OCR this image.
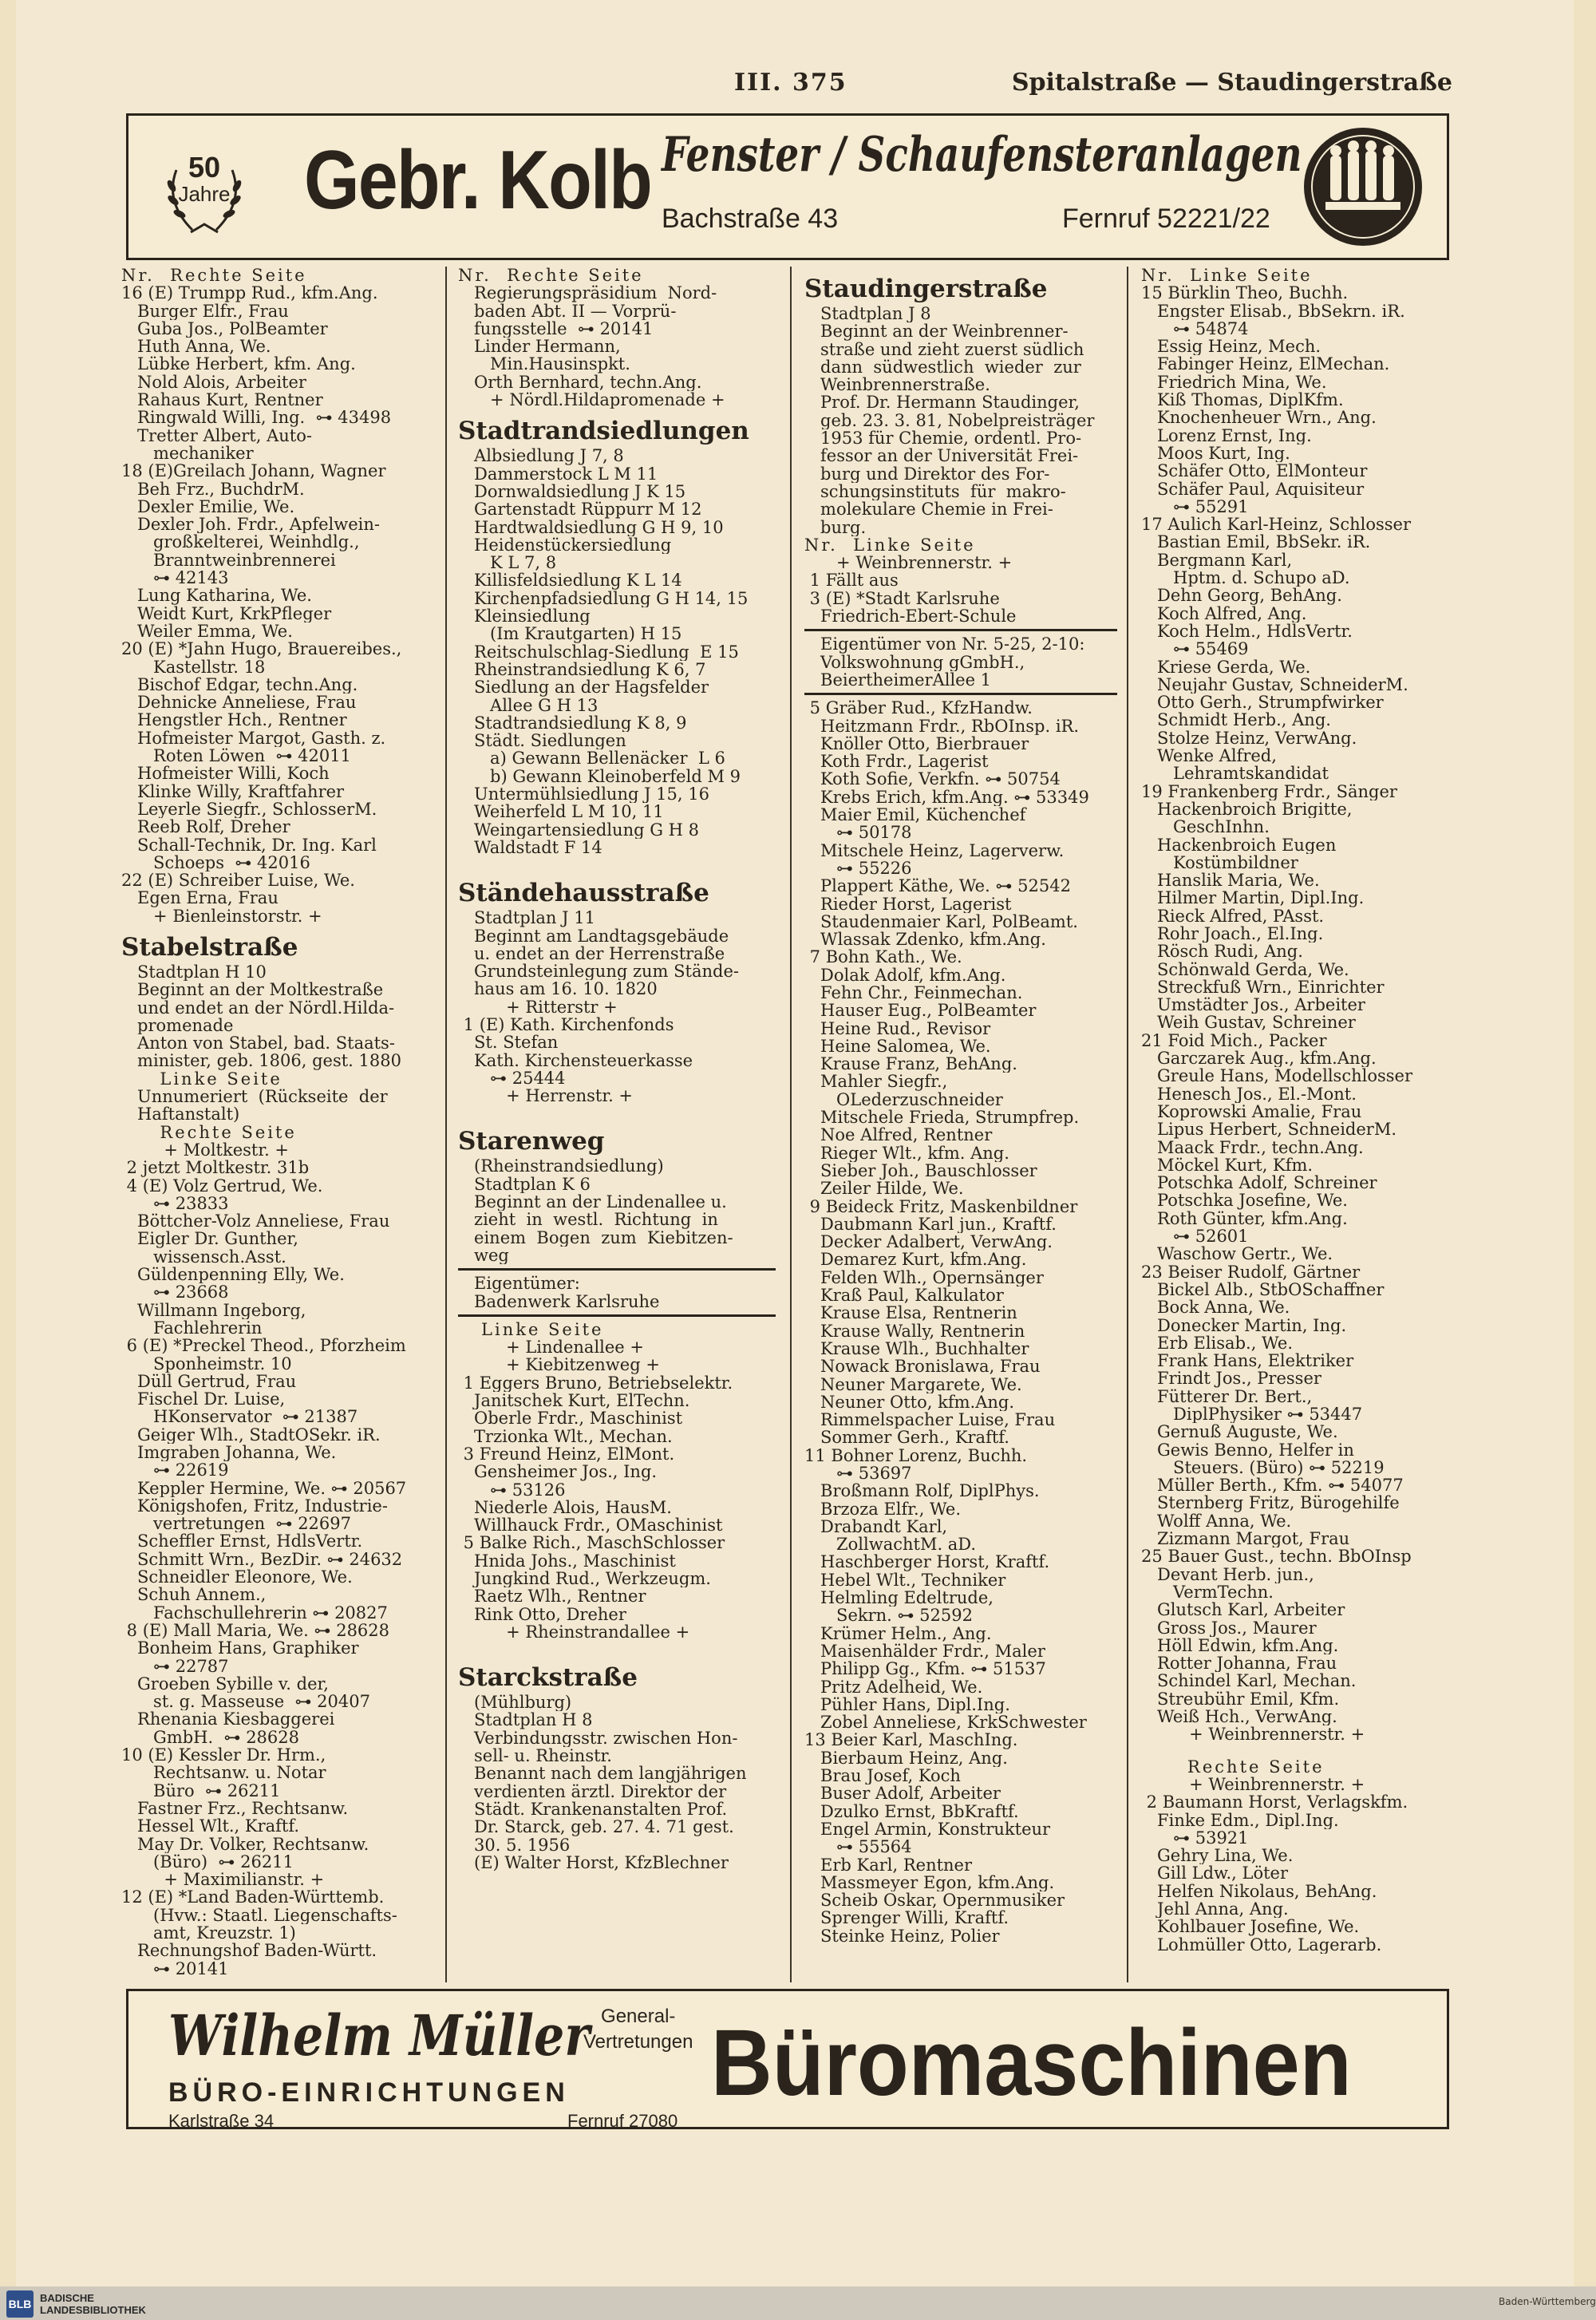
III. 375	Spitalstraße — Staudingerstraße
50
Jahre Gebr. Kolb Fenster / Schaufensteranlagen
Bachstraße 43	Fernruf 52221/22
Nr.  Rechte Seite
16 (E) Trumpp Rud., kfm.Ang.
Burger Elfr., Frau
Guba Jos., PolBeamter
Huth Anna, We.
Lübke Herbert, kfm. Ang.
Nold Alois, Arbeiter
Rahaus Kurt, Rentner
Ringwald Willi, Ing.  ⊶ 43498
Tretter Albert, Auto-
mechaniker
18 (E)Greilach Johann, Wagner
Beh Frz., BuchdrM.
Dexler Emilie, We.
Dexler Joh. Frdr., Apfelwein-
großkelterei, Weinhdlg.,
Branntweinbrennerei
⊶ 42143
Lung Katharina, We.
Weidt Kurt, KrkPfleger
Weiler Emma, We.
20 (E) *Jahn Hugo, Brauereibes.,
Kastellstr. 18
Bischof Edgar, techn.Ang.
Dehnicke Anneliese, Frau
Hengstler Hch., Rentner
Hofmeister Margot, Gasth. z.
Roten Löwen  ⊶ 42011
Hofmeister Willi, Koch
Klinke Willy, Kraftfahrer
Leyerle Siegfr., SchlosserM.
Reeb Rolf, Dreher
Schall-Technik, Dr. Ing. Karl
Schoeps  ⊶ 42016
22 (E) Schreiber Luise, We.
Egen Erna, Frau
+ Bienleinstorstr. +
Stabelstraße
Stadtplan H 10
Beginnt an der Moltkestraße
und endet an der Nördl.Hilda-
promenade
Anton von Stabel, bad. Staats-
minister, geb. 1806, gest. 1880
Linke Seite
Unnumeriert  (Rückseite  der
Haftanstalt)
Rechte Seite
+ Moltkestr. +
2 jetzt Moltkestr. 31b
4 (E) Volz Gertrud, We.
⊶ 23833
Böttcher-Volz Anneliese, Frau
Eigler Dr. Gunther,
wissensch.Asst.
Güldenpenning Elly, We.
⊶ 23668
Willmann Ingeborg,
Fachlehrerin
6 (E) *Preckel Theod., Pforzheim
Sponheimstr. 10
Düll Gertrud, Frau
Fischel Dr. Luise,
HKonservator  ⊶ 21387
Geiger Wlh., StadtOSekr. iR.
Imgraben Johanna, We.
⊶ 22619
Keppler Hermine, We. ⊶ 20567
Königshofen, Fritz, Industrie-
vertretungen  ⊶ 22697
Scheffler Ernst, HdlsVertr.
Schmitt Wrn., BezDir. ⊶ 24632
Schneidler Eleonore, We.
Schuh Annem.,
Fachschullehrerin ⊶ 20827
8 (E) Mall Maria, We. ⊶ 28628
Bonheim Hans, Graphiker
⊶ 22787
Groeben Sybille v. der,
st. g. Masseuse  ⊶ 20407
Rhenania Kiesbaggerei
GmbH.  ⊶ 28628
10 (E) Kessler Dr. Hrm.,
Rechtsanw. u. Notar
Büro  ⊶ 26211
Fastner Frz., Rechtsanw.
Hessel Wlt., Kraftf.
May Dr. Volker, Rechtsanw.
(Büro)  ⊶ 26211
+ Maximilianstr. +
12 (E) *Land Baden-Württemb.
(Hvw.: Staatl. Liegenschafts-
amt, Kreuzstr. 1)
Rechnungshof Baden-Württ.
⊶ 20141
Nr.  Rechte Seite
Regierungspräsidium  Nord-
baden Abt. II — Vorprü-
fungsstelle  ⊶ 20141
Linder Hermann,
Min.Hausinspkt.
Orth Bernhard, techn.Ang.
+ Nördl.Hildapromenade +
Stadtrandsiedlungen
Albsiedlung J 7, 8
Dammerstock L M 11
Dornwaldsiedlung J K 15
Gartenstadt Rüppurr M 12
Hardtwaldsiedlung G H 9, 10
Heidenstückersiedlung
K L 7, 8
Killisfeldsiedlung K L 14
Kirchenpfadsiedlung G H 14, 15
Kleinsiedlung
(Im Krautgarten) H 15
Reitschulschlag-Siedlung  E 15
Rheinstrandsiedlung K 6, 7
Siedlung an der Hagsfelder
Allee G H 13
Stadtrandsiedlung K 8, 9
Städt. Siedlungen
a) Gewann Bellenäcker  L 6
b) Gewann Kleinoberfeld M 9
Untermühlsiedlung J 15, 16
Weiherfeld L M 10, 11
Weingartensiedlung G H 8
Waldstadt F 14
Ständehausstraße
Stadtplan J 11
Beginnt am Landtagsgebäude
u. endet an der Herrenstraße
Grundsteinlegung zum Stände-
haus am 16. 10. 1820
+ Ritterstr +
1 (E) Kath. Kirchenfonds
St. Stefan
Kath. Kirchensteuerkasse
⊶ 25444
+ Herrenstr. +
Starenweg
(Rheinstrandsiedlung)
Stadtplan K 6
Beginnt an der Lindenallee u.
zieht  in  westl.  Richtung  in
einem  Bogen  zum  Kiebitzen-
weg
Eigentümer:
Badenwerk Karlsruhe
Linke Seite
+ Lindenallee +
+ Kiebitzenweg +
1 Eggers Bruno, Betriebselektr.
Janitschek Kurt, ElTechn.
Oberle Frdr., Maschinist
Trzionka Wlt., Mechan.
3 Freund Heinz, ElMont.
Gensheimer Jos., Ing.
⊶ 53126
Niederle Alois, HausM.
Willhauck Frdr., OMaschinist
5 Balke Rich., MaschSchlosser
Hnida Johs., Maschinist
Jungkind Rud., Werkzeugm.
Raetz Wlh., Rentner
Rink Otto, Dreher
+ Rheinstrandallee +
Starckstraße
(Mühlburg)
Stadtplan H 8
Verbindungsstr. zwischen Hon-
sell- u. Rheinstr.
Benannt nach dem langjährigen
verdienten ärztl. Direktor der
Städt. Krankenanstalten Prof.
Dr. Starck, geb. 27. 4. 71 gest.
30. 5. 1956
(E) Walter Horst, KfzBlechner
Staudingerstraße
Stadtplan J 8
Beginnt an der Weinbrenner-
straße und zieht zuerst südlich
dann  südwestlich  wieder  zur
Weinbrennerstraße.
Prof. Dr. Hermann Staudinger,
geb. 23. 3. 81, Nobelpreisträger
1953 für Chemie, ordentl. Pro-
fessor an der Universität Frei-
burg und Direktor des For-
schungsinstituts  für  makro-
molekulare Chemie in Frei-
burg.
Nr.  Linke Seite
+ Weinbrennerstr. +
1 Fällt aus
3 (E) *Stadt Karlsruhe
Friedrich-Ebert-Schule
Eigentümer von Nr. 5-25, 2-10:
Volkswohnung gGmbH.,
BeiertheimerAllee 1
5 Gräber Rud., KfzHandw.
Heitzmann Frdr., RbOInsp. iR.
Knöller Otto, Bierbrauer
Koth Frdr., Lagerist
Koth Sofie, Verkfn. ⊶ 50754
Krebs Erich, kfm.Ang. ⊶ 53349
Maier Emil, Küchenchef
⊶ 50178
Mitschele Heinz, Lagerverw.
⊶ 55226
Plappert Käthe, We. ⊶ 52542
Rieder Horst, Lagerist
Staudenmaier Karl, PolBeamt.
Wlassak Zdenko, kfm.Ang.
7 Bohn Kath., We.
Dolak Adolf, kfm.Ang.
Fehn Chr., Feinmechan.
Hauser Eug., PolBeamter
Heine Rud., Revisor
Heine Salomea, We.
Krause Franz, BehAng.
Mahler Siegfr.,
OLederzuschneider
Mitschele Frieda, Strumpfrep.
Noe Alfred, Rentner
Rieger Wlt., kfm. Ang.
Sieber Joh., Bauschlosser
Zeiler Hilde, We.
9 Beideck Fritz, Maskenbildner
Daubmann Karl jun., Kraftf.
Decker Adalbert, VerwAng.
Demarez Kurt, kfm.Ang.
Felden Wlh., Opernsänger
Kraß Paul, Kalkulator
Krause Elsa, Rentnerin
Krause Wally, Rentnerin
Krause Wlh., Buchhalter
Nowack Bronislawa, Frau
Neuner Margarete, We.
Neuner Otto, kfm.Ang.
Rimmelspacher Luise, Frau
Sommer Gerh., Kraftf.
11 Bohner Lorenz, Buchh.
⊶ 53697
Broßmann Rolf, DiplPhys.
Brzoza Elfr., We.
Drabandt Karl,
ZollwachtM. aD.
Haschberger Horst, Kraftf.
Hebel Wlt., Techniker
Helmling Edeltrude,
Sekrn. ⊶ 52592
Krümer Helm., Ang.
Maisenhälder Frdr., Maler
Philipp Gg., Kfm. ⊶ 51537
Pritz Adelheid, We.
Pühler Hans, Dipl.Ing.
Zobel Anneliese, KrkSchwester
13 Beier Karl, MaschIng.
Bierbaum Heinz, Ang.
Brau Josef, Koch
Buser Adolf, Arbeiter
Dzulko Ernst, BbKraftf.
Engel Armin, Konstrukteur
⊶ 55564
Erb Karl, Rentner
Massmeyer Egon, kfm.Ang.
Scheib Oskar, Opernmusiker
Sprenger Willi, Kraftf.
Steinke Heinz, Polier
Nr.  Linke Seite
15 Bürklin Theo, Buchh.
Engster Elisab., BbSekrn. iR.
⊶ 54874
Essig Heinz, Mech.
Fabinger Heinz, ElMechan.
Friedrich Mina, We.
Kiß Thomas, DiplKfm.
Knochenheuer Wrn., Ang.
Lorenz Ernst, Ing.
Moos Kurt, Ing.
Schäfer Otto, ElMonteur
Schäfer Paul, Aquisiteur
⊶ 55291
17 Aulich Karl-Heinz, Schlosser
Bastian Emil, BbSekr. iR.
Bergmann Karl,
Hptm. d. Schupo aD.
Dehn Georg, BehAng.
Koch Alfred, Ang.
Koch Helm., HdlsVertr.
⊶ 55469
Kriese Gerda, We.
Neujahr Gustav, SchneiderM.
Otto Gerh., Strumpfwirker
Schmidt Herb., Ang.
Stolze Heinz, VerwAng.
Wenke Alfred,
Lehramtskandidat
19 Frankenberg Frdr., Sänger
Hackenbroich Brigitte,
GeschInhn.
Hackenbroich Eugen
Kostümbildner
Hanslik Maria, We.
Hilmer Martin, Dipl.Ing.
Rieck Alfred, PAsst.
Rohr Joach., El.Ing.
Rösch Rudi, Ang.
Schönwald Gerda, We.
Streckfuß Wrn., Einrichter
Umstädter Jos., Arbeiter
Weih Gustav, Schreiner
21 Foid Mich., Packer
Garczarek Aug., kfm.Ang.
Greule Hans, Modellschlosser
Henesch Jos., El.-Mont.
Koprowski Amalie, Frau
Lipus Herbert, SchneiderM.
Maack Frdr., techn.Ang.
Möckel Kurt, Kfm.
Potschka Adolf, Schreiner
Potschka Josefine, We.
Roth Günter, kfm.Ang.
⊶ 52601
Waschow Gertr., We.
23 Beiser Rudolf, Gärtner
Bickel Alb., StbOSchaffner
Bock Anna, We.
Donecker Martin, Ing.
Erb Elisab., We.
Frank Hans, Elektriker
Frindt Jos., Presser
Fütterer Dr. Bert.,
DiplPhysiker ⊶ 53447
Gernuß Auguste, We.
Gewis Benno, Helfer in
Steuers. (Büro) ⊶ 52219
Müller Berth., Kfm. ⊶ 54077
Sternberg Fritz, Bürogehilfe
Wolff Anna, We.
Zizmann Margot, Frau
25 Bauer Gust., techn. BbOInsp
Devant Herb. jun.,
VermTechn.
Glutsch Karl, Arbeiter
Gross Jos., Maurer
Höll Edwin, kfm.Ang.
Rotter Johanna, Frau
Schindel Karl, Mechan.
Streubühr Emil, Kfm.
Weiß Hch., VerwAng.
+ Weinbrennerstr. +
Rechte Seite
+ Weinbrennerstr. +
2 Baumann Horst, Verlagskfm.
Finke Edm., Dipl.Ing.
⊶ 53921
Gehry Lina, We.
Gill Ldw., Löter
Helfen Nikolaus, BehAng.
Jehl Anna, Ang.
Kohlbauer Josefine, We.
Lohmüller Otto, Lagerarb.
Wilhelm Müller General-
Vertretungen Büromaschinen
BÜRO-EINRICHTUNGEN
Karlstraße 34	Fernruf 27080
BLB BADISCHE
LANDESBIBLIOTHEK
Baden-Württemberg
